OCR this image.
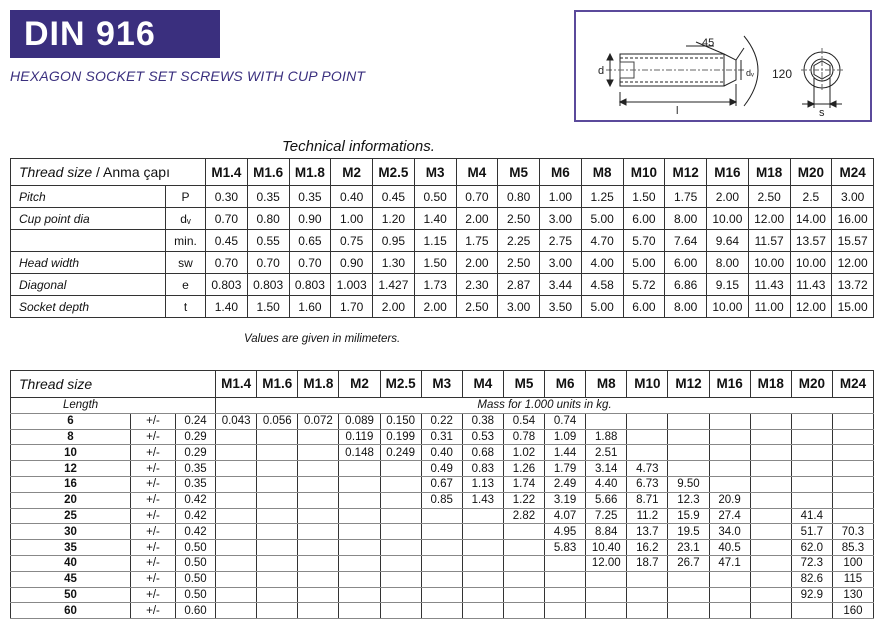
DIN 916
HEXAGON SOCKET SET SCREWS WITH CUP POINT	d
45
120
dᵥ
l	s
Technical informations.
Thread size / Anma çapı		M1.4	M1.6	M1.8	M2	M2.5	M3	M4	M5	M6	M8	M10	M12	M16	M18	M20	M24
Pitch	P	0.30	0.35	0.35	0.40	0.45	0.50	0.70	0.80	1.00	1.25	1.50	1.75	2.00	2.50	2.5	3.00
Cup point dia	dᵥ	0.70	0.80	0.90	1.00	1.20	1.40	2.00	2.50	3.00	5.00	6.00	8.00	10.00	12.00	14.00	16.00
	min.	0.45	0.55	0.65	0.75	0.95	1.15	1.75	2.25	2.75	4.70	5.70	7.64	9.64	11.57	13.57	15.57
Head width	sw	0.70	0.70	0.70	0.90	1.30	1.50	2.00	2.50	3.00	4.00	5.00	6.00	8.00	10.00	10.00	12.00
Diagonal	e	0.803	0.803	0.803	1.003	1.427	1.73	2.30	2.87	3.44	4.58	5.72	6.86	9.15	11.43	11.43	13.72
Socket depth	t	1.40	1.50	1.60	1.70	2.00	2.00	2.50	3.00	3.50	5.00	6.00	8.00	10.00	11.00	12.00	15.00
Values are given in milimeters.
Thread size			M1.4	M1.6	M1.8	M2	M2.5	M3	M4	M5	M6	M8	M10	M12	M16	M18	M20	M24
Length			Mass for 1.000 units in kg.															
6	+/-	0.24	0.043	0.056	0.072	0.089	0.150	0.22	0.38	0.54	0.74							
8	+/-	0.29				0.119	0.199	0.31	0.53	0.78	1.09	1.88						
10	+/-	0.29				0.148	0.249	0.40	0.68	1.02	1.44	2.51						
12	+/-	0.35						0.49	0.83	1.26	1.79	3.14	4.73					
16	+/-	0.35						0.67	1.13	1.74	2.49	4.40	6.73	9.50				
20	+/-	0.42						0.85	1.43	1.22	3.19	5.66	8.71	12.3	20.9			
25	+/-	0.42								2.82	4.07	7.25	11.2	15.9	27.4		41.4	
30	+/-	0.42									4.95	8.84	13.7	19.5	34.0		51.7	70.3
35	+/-	0.50									5.83	10.40	16.2	23.1	40.5		62.0	85.3
40	+/-	0.50										12.00	18.7	26.7	47.1		72.3	100
45	+/-	0.50															82.6	115
50	+/-	0.50															92.9	130
60	+/-	0.60																160
